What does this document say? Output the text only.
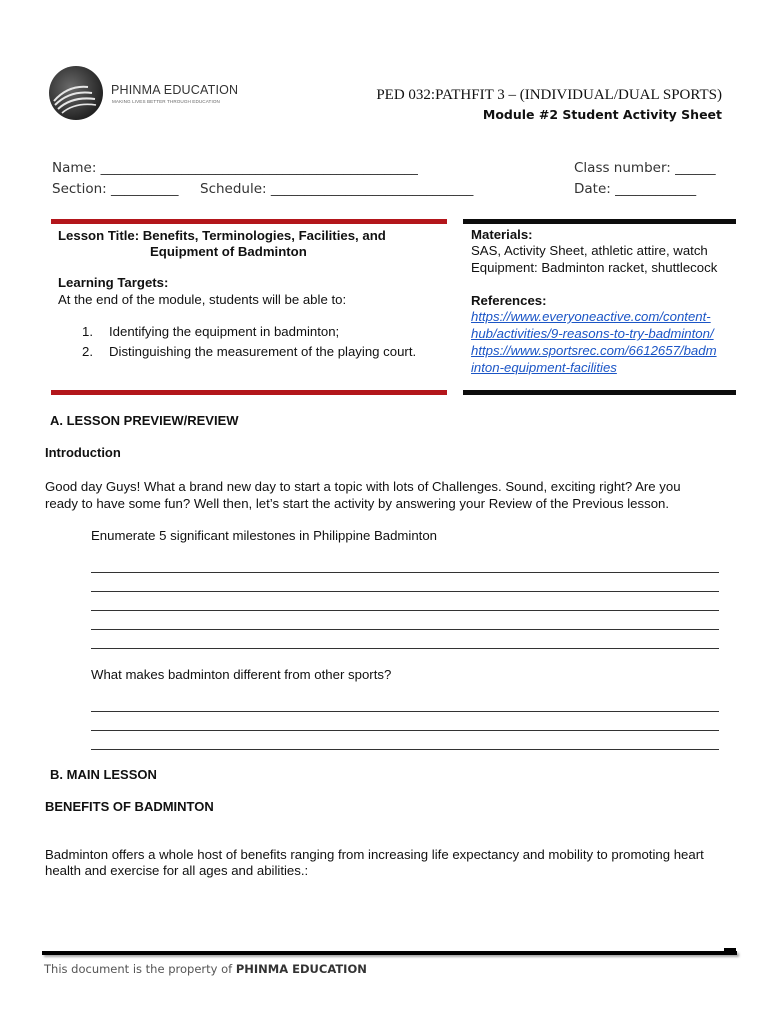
PHINMA EDUCATION
MAKING LIVES BETTER THROUGH EDUCATION	PED 032:PATHFIT 3 – (INDIVIDUAL/DUAL SPORTS)
Module #2 Student Activity Sheet
Name: _______________________________________________	Class number: ______
Section: __________ Schedule: ______________________________	Date: ____________
Lesson Title: Benefits, Terminologies, Facilities, and
Equipment of Badminton
Learning Targets:
At the end of the module, students will be able to:
1. Identifying the equipment in badminton;
2. Distinguishing the measurement of the playing court.
Materials:
SAS, Activity Sheet, athletic attire, watch
Equipment: Badminton racket, shuttlecock
References:
https://www.everyoneactive.com/content-
hub/activities/9-reasons-to-try-badminton/
https://www.sportsrec.com/6612657/badm
inton-equipment-facilities
A. LESSON PREVIEW/REVIEW
Introduction
Good day Guys! What a brand new day to start a topic with lots of Challenges. Sound, exciting right? Are you
ready to have some fun? Well then, let’s start the activity by answering your Review of the Previous lesson.
Enumerate 5 significant milestones in Philippine Badminton
What makes badminton different from other sports?
B. MAIN LESSON
BENEFITS OF BADMINTON
Badminton offers a whole host of benefits ranging from increasing life expectancy and mobility to promoting heart
health and exercise for all ages and abilities.:
This document is the property of PHINMA EDUCATION
